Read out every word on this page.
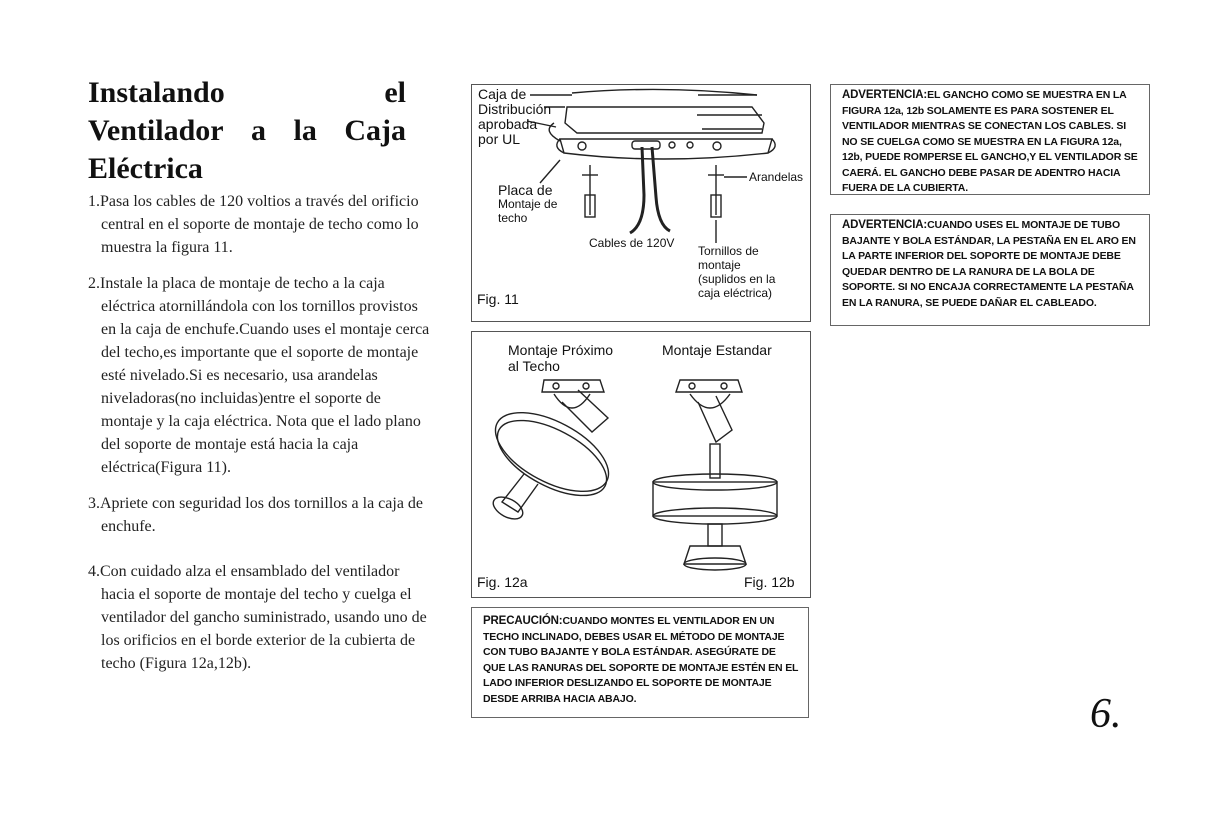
Instalando	el
Ventilador a la Caja
Eléctrica

1.Pasa los cables de 120 voltios a través del orificio central en el soporte de montaje de techo como lo muestra la figura 11.

2.Instale la placa de montaje de techo a la caja eléctrica atornillándola con los tornillos provistos en la caja de enchufe.Cuando uses el montaje cerca del techo,es importante que el soporte de montaje esté nivelado.Si es necesario, usa arandelas niveladoras(no incluidas)entre el soporte de montaje y la caja eléctrica. Nota que el lado plano del soporte de montaje está hacia la caja eléctrica(Figura 11).

3.Apriete con seguridad los dos tornillos a la caja de enchufe.

4.Con cuidado alza el ensamblado del ventilador hacia el soporte de montaje del techo y cuelga el ventilador del gancho suministrado, usando uno de los orificios en el borde exterior de la cubierta de techo (Figura 12a,12b).

Caja de
Distribución
aprobada
por UL
Placa de
Montaje de
techo
Arandelas
Cables de 120V
Tornillos de
montaje
(suplidos en la
caja eléctrica)
Fig. 11
Montaje Próximo
al Techo
Montaje Estandar
Fig. 12a	Fig. 12b
ADVERTENCIA:EL GANCHO COMO SE MUESTRA EN LA FIGURA 12a, 12b SOLAMENTE ES PARA SOSTENER EL VENTILADOR MIENTRAS SE CONECTAN LOS CABLES. SI NO SE CUELGA COMO SE MUESTRA EN LA FIGURA 12a, 12b, PUEDE ROMPERSE EL GANCHO,Y EL VENTILADOR SE CAERÁ. EL GANCHO DEBE PASAR DE ADENTRO HACIA FUERA DE LA CUBIERTA.
ADVERTENCIA:CUANDO USES EL MONTAJE DE TUBO BAJANTE Y BOLA ESTÁNDAR, LA PESTAÑA EN EL ARO EN LA PARTE INFERIOR DEL SOPORTE DE MONTAJE DEBE QUEDAR DENTRO DE LA RANURA DE LA BOLA DE SOPORTE. SI NO ENCAJA CORRECTAMENTE LA PESTAÑA EN LA RANURA, SE PUEDE DAÑAR EL CABLEADO.
PRECAUCIÓN:CUANDO MONTES EL VENTILADOR EN UN TECHO INCLINADO, DEBES USAR EL MÉTODO DE MONTAJE CON TUBO BAJANTE Y BOLA ESTÁNDAR. ASEGÚRATE DE QUE LAS RANURAS DEL SOPORTE DE MONTAJE ESTÉN EN EL LADO INFERIOR DESLIZANDO EL SOPORTE DE MONTAJE DESDE ARRIBA HACIA ABAJO.	6.
